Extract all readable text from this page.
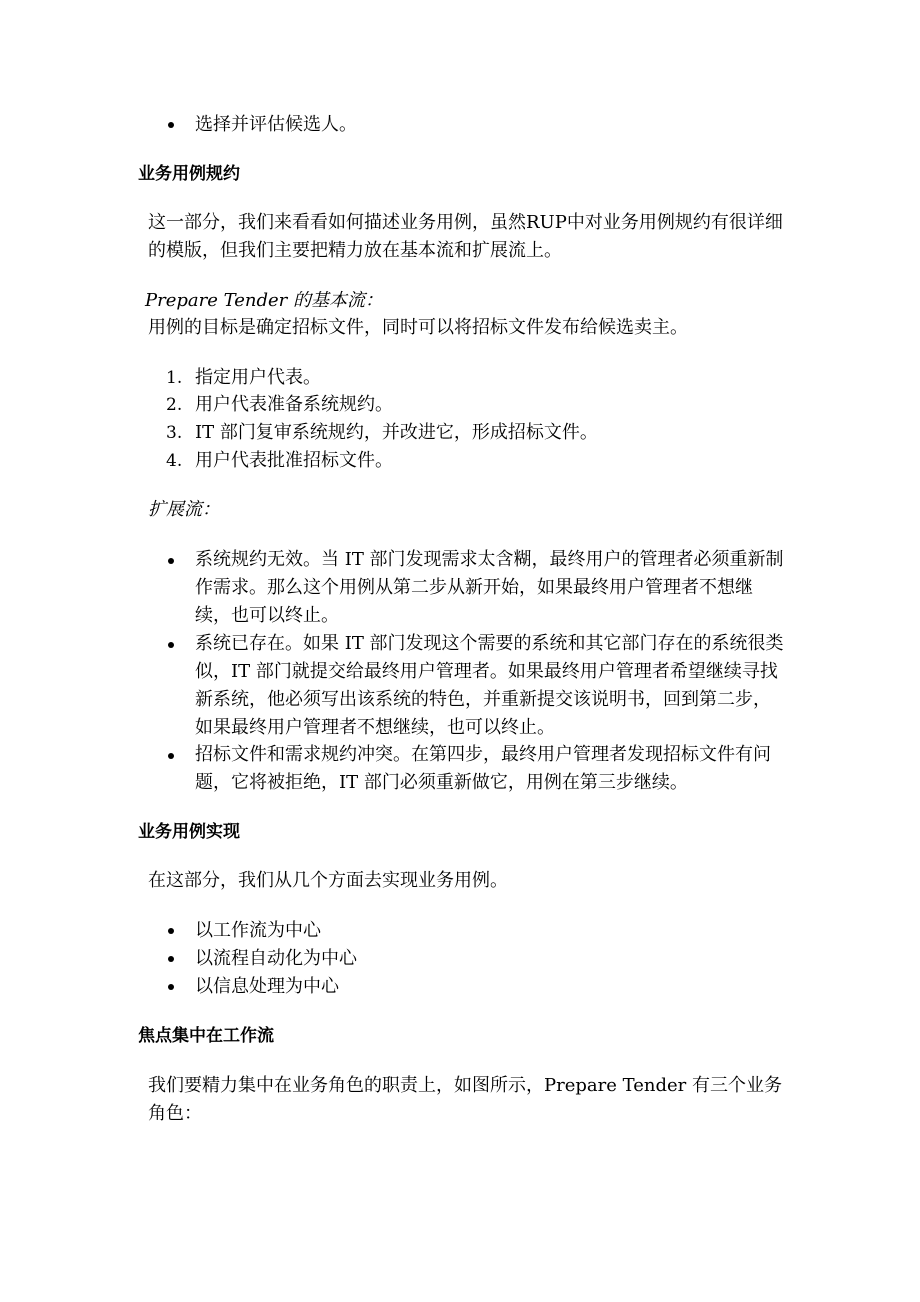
选择并评估候选人。
业务用例规约
这一部分，我们来看看如何描述业务用例，虽然RUP中对业务用例规约有很详细的模版，但我们主要把精力放在基本流和扩展流上。
Prepare Tender 的基本流：
用例的目标是确定招标文件，同时可以将招标文件发布给候选卖主。
1. 指定用户代表。
2. 用户代表准备系统规约。
3. IT 部门复审系统规约，并改进它，形成招标文件。
4. 用户代表批准招标文件。
扩展流：
系统规约无效。当 IT 部门发现需求太含糊，最终用户的管理者必须重新制作需求。那么这个用例从第二步从新开始，如果最终用户管理者不想继续，也可以终止。
系统已存在。如果 IT 部门发现这个需要的系统和其它部门存在的系统很类似，IT 部门就提交给最终用户管理者。如果最终用户管理者希望继续寻找新系统，他必须写出该系统的特色，并重新提交该说明书，回到第二步，如果最终用户管理者不想继续，也可以终止。
招标文件和需求规约冲突。在第四步，最终用户管理者发现招标文件有问题，它将被拒绝，IT 部门必须重新做它，用例在第三步继续。
业务用例实现
在这部分，我们从几个方面去实现业务用例。
以工作流为中心
以流程自动化为中心
以信息处理为中心
焦点集中在工作流
我们要精力集中在业务角色的职责上，如图所示，Prepare Tender 有三个业务角色：
